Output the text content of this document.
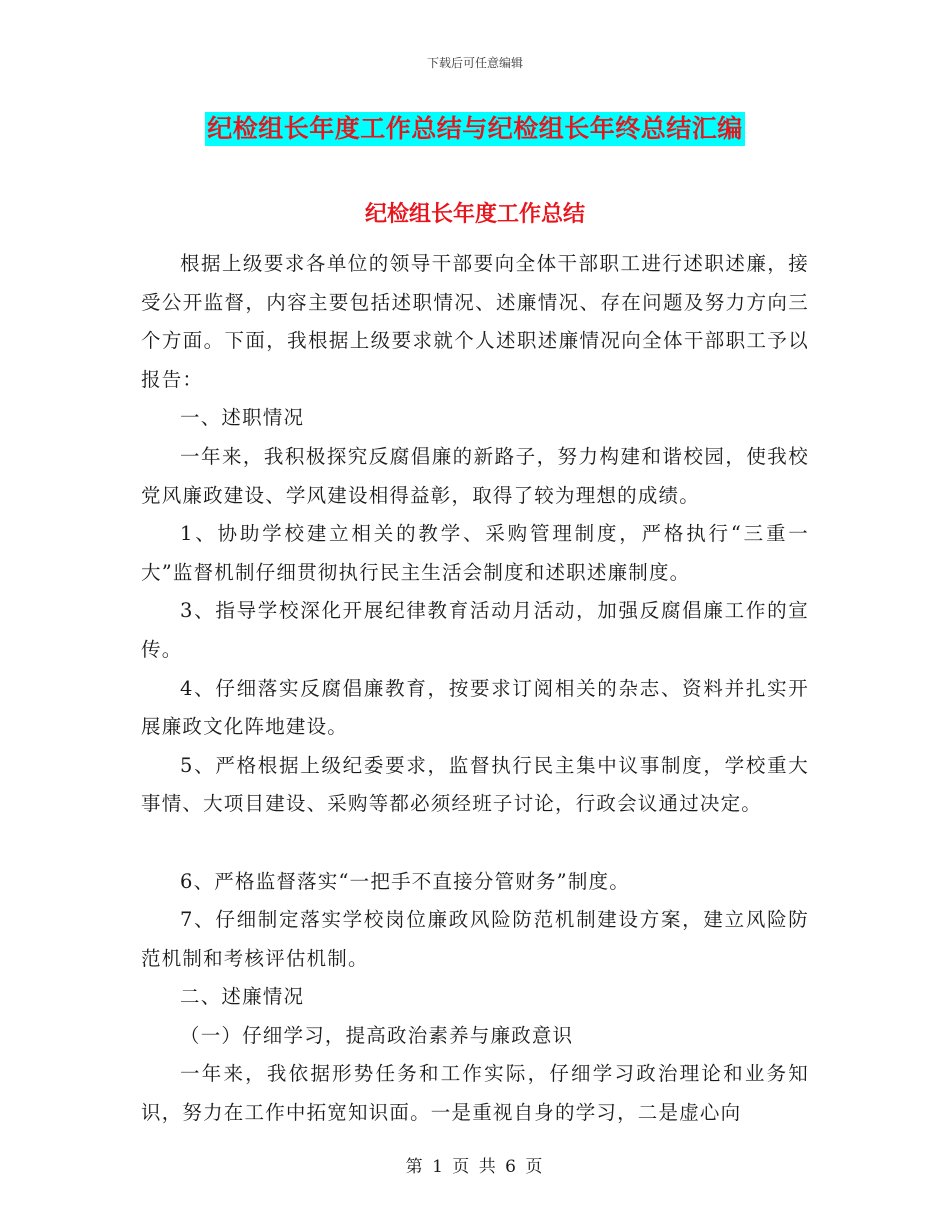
下载后可任意编辑
纪检组长年度工作总结与纪检组长年终总结汇编
纪检组长年度工作总结

根据上级要求各单位的领导干部要向全体干部职工进行述职述廉，接受公开监督，内容主要包括述职情况、述廉情况、存在问题及努力方向三个方面。下面，我根据上级要求就个人述职述廉情况向全体干部职工予以报告：

一、述职情况

一年来，我积极探究反腐倡廉的新路子，努力构建和谐校园，使我校党风廉政建设、学风建设相得益彰，取得了较为理想的成绩。

1、协助学校建立相关的教学、采购管理制度，严格执行“三重一大”监督机制仔细贯彻执行民主生活会制度和述职述廉制度。

3、指导学校深化开展纪律教育活动月活动，加强反腐倡廉工作的宣传。

4、仔细落实反腐倡廉教育，按要求订阅相关的杂志、资料并扎实开展廉政文化阵地建设。

5、严格根据上级纪委要求，监督执行民主集中议事制度，学校重大事情、大项目建设、采购等都必须经班子讨论，行政会议通过决定。

6、严格监督落实“一把手不直接分管财务”制度。

7、仔细制定落实学校岗位廉政风险防范机制建设方案，建立风险防范机制和考核评估机制。

二、述廉情况

（一）仔细学习，提高政治素养与廉政意识

一年来，我依据形势任务和工作实际，仔细学习政治理论和业务知识，努力在工作中拓宽知识面。一是重视自身的学习，二是虚心向

第 1 页 共 6 页
